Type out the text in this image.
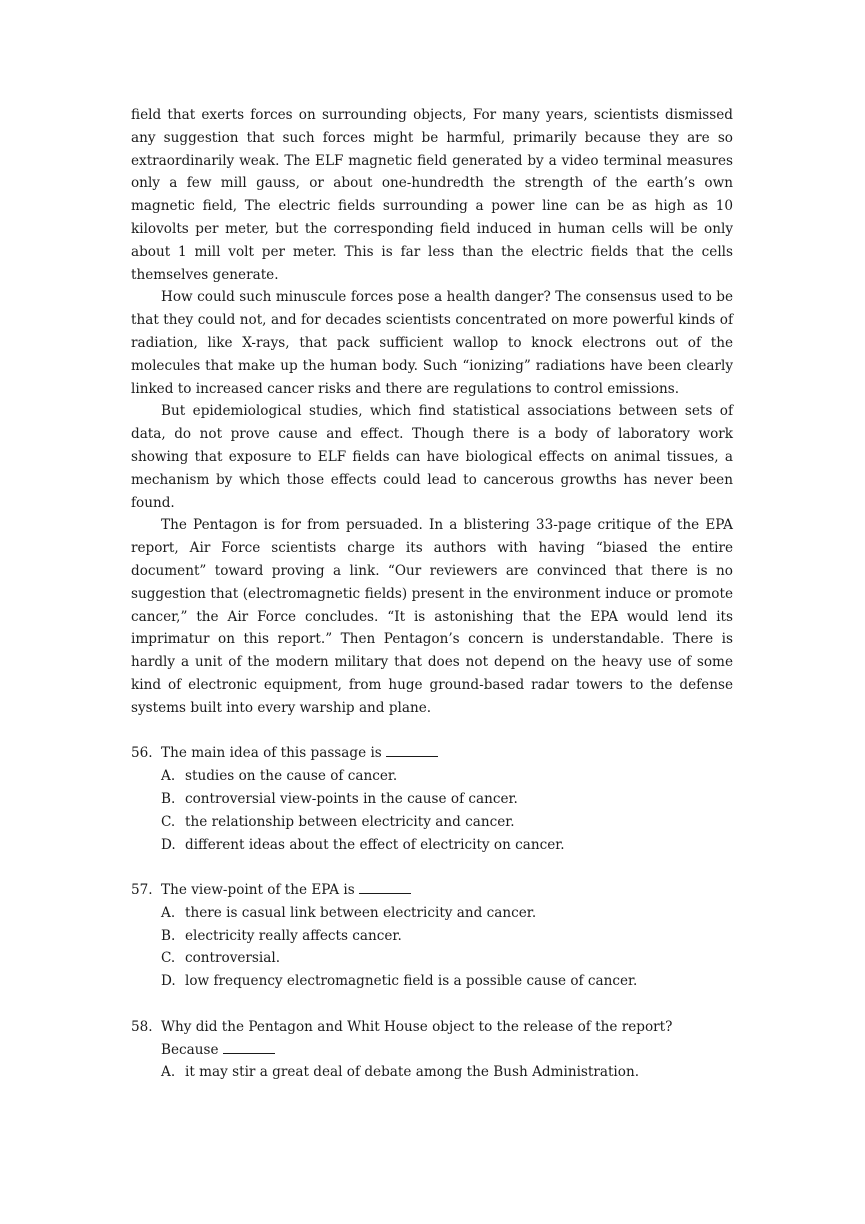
field that exerts forces on surrounding objects, For many years, scientists dismissed any suggestion that such forces might be harmful, primarily because they are so extraordinarily weak. The ELF magnetic field generated by a video terminal measures only a few mill gauss, or about one-hundredth the strength of the earth’s own magnetic field, The electric fields surrounding a power line can be as high as 10 kilovolts per meter, but the corresponding field induced in human cells will be only about 1 mill volt per meter. This is far less than the electric fields that the cells themselves generate.

How could such minuscule forces pose a health danger? The consensus used to be that they could not, and for decades scientists concentrated on more powerful kinds of radiation, like X-rays, that pack sufficient wallop to knock electrons out of the molecules that make up the human body. Such “ionizing” radiations have been clearly linked to increased cancer risks and there are regulations to control emissions.

But epidemiological studies, which find statistical associations between sets of data, do not prove cause and effect. Though there is a body of laboratory work showing that exposure to ELF fields can have biological effects on animal tissues, a mechanism by which those effects could lead to cancerous growths has never been found.

The Pentagon is for from persuaded. In a blistering 33-page critique of the EPA report, Air Force scientists charge its authors with having “biased the entire document” toward proving a link. “Our reviewers are convinced that there is no suggestion that (electromagnetic fields) present in the environment induce or promote cancer,” the Air Force concludes. “It is astonishing that the EPA would lend its imprimatur on this report.” Then Pentagon’s concern is understandable. There is hardly a unit of the modern military that does not depend on the heavy use of some kind of electronic equipment, from huge ground-based radar towers to the defense systems built into every warship and plane.

56. The main idea of this passage is

A. studies on the cause of cancer.
B. controversial view-points in the cause of cancer.
C. the relationship between electricity and cancer.
D. different ideas about the effect of electricity on cancer.

57. The view-point of the EPA is

A. there is casual link between electricity and cancer.
B. electricity really affects cancer.
C. controversial.
D. low frequency electromagnetic field is a possible cause of cancer.

58. Why did the Pentagon and Whit House object to the release of the report?

Because

A. it may stir a great deal of debate among the Bush Administration.
